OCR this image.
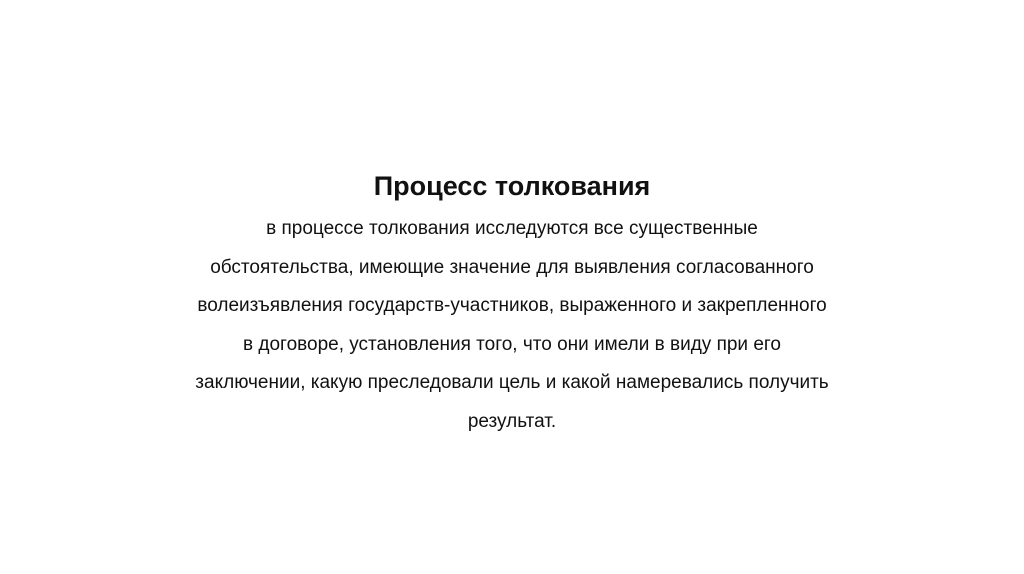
Процесс толкования

в процессе толкования исследуются все существенные
обстоятельства, имеющие значение для выявления согласованного
волеизъявления государств-участников, выраженного и закрепленного
в договоре, установления того, что они имели в виду при его
заключении, какую преследовали цель и какой намеревались получить
результат.
